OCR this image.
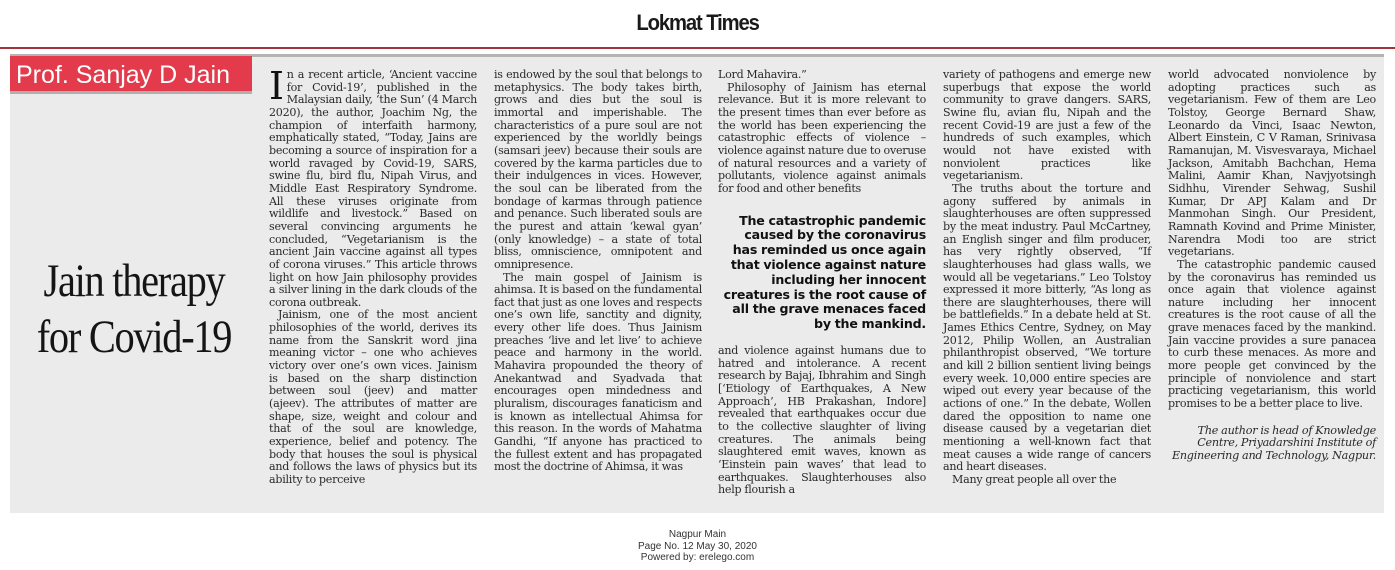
Lokmat Times
Prof. Sanjay D Jain
Jain therapy
for Covid-19

In a recent article, ‘Ancient vaccine for Covid-19’, published in the Malaysian daily, ‘the Sun’ (4 March 2020), the author, Joachim Ng, the champion of interfaith harmony, emphatically stated, “Today, Jains are becoming a source of inspiration for a world ravaged by Covid-19, SARS, swine flu, bird flu, Nipah Virus, and Middle East Respiratory Syndrome. All these viruses originate from wildlife and livestock.” Based on several convincing arguments he concluded, “Vegetarianism is the ancient Jain vaccine against all types of corona viruses.” This article throws light on how Jain philosophy provides a silver lining in the dark clouds of the corona outbreak.

Jainism, one of the most ancient philosophies of the world, derives its name from the Sanskrit word jina meaning victor – one who achieves victory over one’s own vices. Jainism is based on the sharp distinction between soul (jeev) and matter (ajeev). The attributes of matter are shape, size, weight and colour and that of the soul are knowledge, experience, belief and potency. The body that houses the soul is physical and follows the laws of physics but its ability to perceive

is endowed by the soul that belongs to metaphysics. The body takes birth, grows and dies but the soul is immortal and imperishable. The characteristics of a pure soul are not experienced by the worldly beings (samsari jeev) because their souls are covered by the karma particles due to their indulgences in vices. However, the soul can be liberated from the bondage of karmas through patience and penance. Such liberated souls are the purest and attain ‘kewal gyan’ (only knowledge) – a state of total bliss, omniscience, omnipotent and omnipresence.

The main gospel of Jainism is ahimsa. It is based on the fundamental fact that just as one loves and respects one’s own life, sanctity and dignity, every other life does. Thus Jainism preaches ‘live and let live’ to achieve peace and harmony in the world. Mahavira propounded the theory of Anekantwad and Syadvada that encourages open mindedness and pluralism, discourages fanaticism and is known as intellectual Ahimsa for this reason. In the words of Mahatma Gandhi, “If anyone has practiced to the fullest extent and has propagated most the doctrine of Ahimsa, it was

Lord Mahavira.”

Philosophy of Jainism has eternal relevance. But it is more relevant to the present times than ever before as the world has been experiencing the catastrophic effects of violence – violence against nature due to overuse of natural resources and a variety of pollutants, violence against animals for food and other benefits

The catastrophic pandemic caused by the coronavirus has reminded us once again that violence against nature including her innocent creatures is the root cause of all the grave menaces faced by the mankind.

and violence against humans due to hatred and intolerance. A recent research by Bajaj, Ibhrahim and Singh [‘Etiology of Earthquakes, A New Approach’, HB Prakashan, Indore] revealed that earthquakes occur due to the collective slaughter of living creatures. The animals being slaughtered emit waves, known as ‘Einstein pain waves’ that lead to earthquakes. Slaughterhouses also help flourish a

variety of pathogens and emerge new superbugs that expose the world community to grave dangers. SARS, Swine flu, avian flu, Nipah and the recent Covid-19 are just a few of the hundreds of such examples, which would not have existed with nonviolent practices like vegetarianism.

The truths about the torture and agony suffered by animals in slaughterhouses are often suppressed by the meat industry. Paul McCartney, an English singer and film producer, has very rightly observed, “If slaughterhouses had glass walls, we would all be vegetarians.” Leo Tolstoy expressed it more bitterly, “As long as there are slaughterhouses, there will be battlefields.” In a debate held at St. James Ethics Centre, Sydney, on May 2012, Philip Wollen, an Australian philanthropist observed, “We torture and kill 2 billion sentient living beings every week. 10,000 entire species are wiped out every year because of the actions of one.” In the debate, Wollen dared the opposition to name one disease caused by a vegetarian diet mentioning a well-known fact that meat causes a wide range of cancers and heart diseases.

Many great people all over the

world advocated nonviolence by adopting practices such as vegetarianism. Few of them are Leo Tolstoy, George Bernard Shaw, Leonardo da Vinci, Isaac Newton, Albert Einstein, C V Raman, Srinivasa Ramanujan, M. Visvesvaraya, Michael Jackson, Amitabh Bachchan, Hema Malini, Aamir Khan, Navjyotsingh Sidhhu, Virender Sehwag, Sushil Kumar, Dr APJ Kalam and Dr Manmohan Singh. Our President, Ramnath Kovind and Prime Minister, Narendra Modi too are strict vegetarians.

The catastrophic pandemic caused by the coronavirus has reminded us once again that violence against nature including her innocent creatures is the root cause of all the grave menaces faced by the mankind. Jain vaccine provides a sure panacea to curb these menaces. As more and more people get convinced by the principle of nonviolence and start practicing vegetarianism, this world promises to be a better place to live.

The author is head of Knowledge Centre, Priyadarshini Institute of Engineering and Technology, Nagpur.
Nagpur Main
Page No. 12 May 30, 2020
Powered by: erelego.com
